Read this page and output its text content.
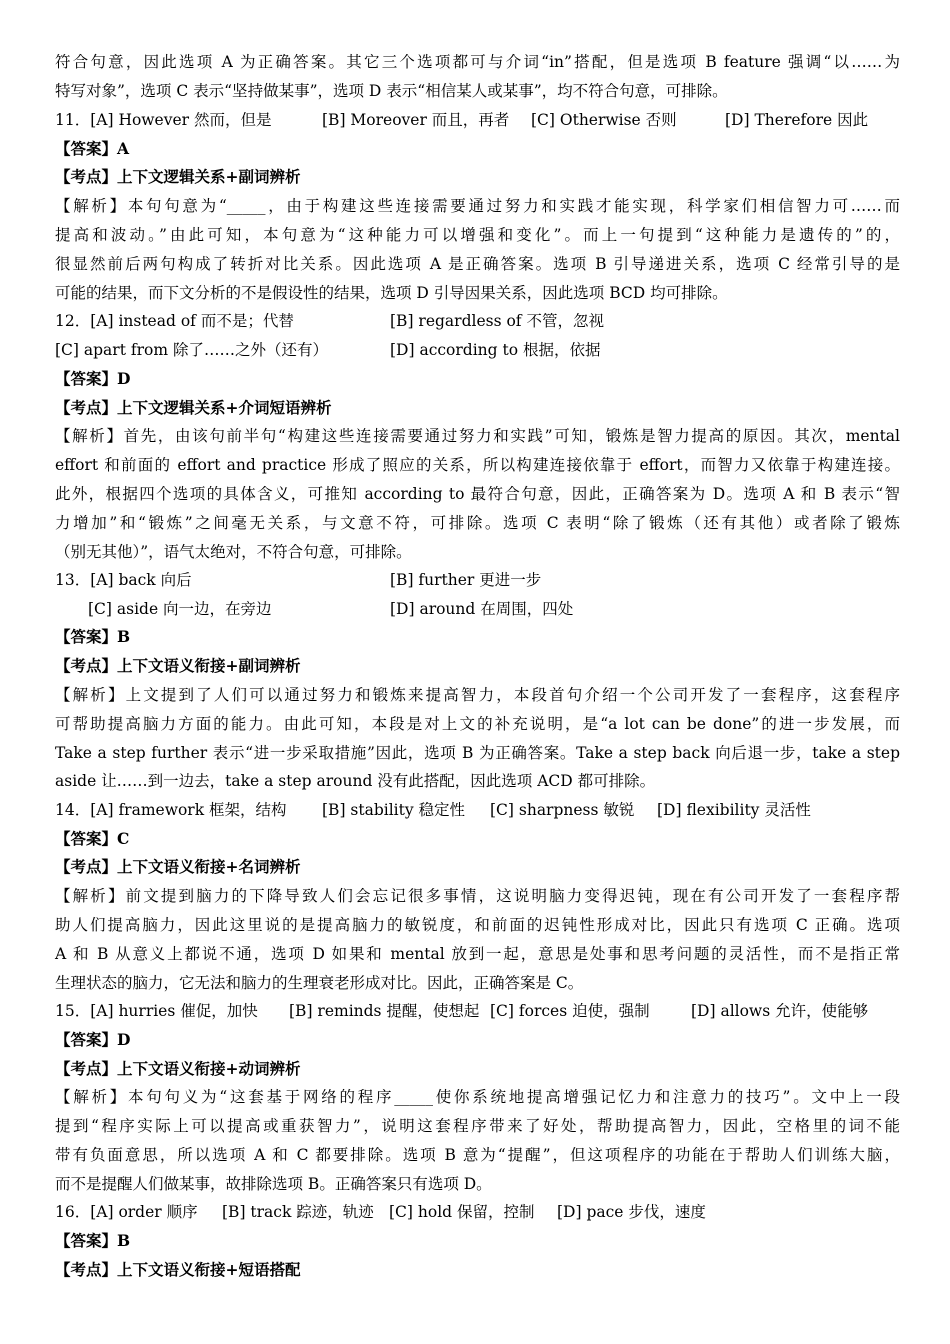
符合句意，因此选项 A 为正确答案。其它三个选项都可与介词“in”搭配，但是选项 B feature 强调“以……为
特写对象”，选项 C 表示“坚持做某事”，选项 D 表示“相信某人或某事”，均不符合句意，可排除。
11．[A] However 然而，但是	[B] Moreover 而且，再者 [C] Otherwise 否则	[D] Therefore 因此
【答案】A
【考点】上下文逻辑关系+副词辨析
【解析】本句句意为“_____，由于构建这些连接需要通过努力和实践才能实现，科学家们相信智力可……而
提高和波动。”由此可知，本句意为“这种能力可以增强和变化”。而上一句提到“这种能力是遗传的”的，
很显然前后两句构成了转折对比关系。因此选项 A 是正确答案。选项 B 引导递进关系，选项 C 经常引导的是
可能的结果，而下文分析的不是假设性的结果，选项 D 引导因果关系，因此选项 BCD 均可排除。
12．[A] instead of 而不是；代替	[B] regardless of 不管，忽视
[C] apart from 除了……之外（还有）	[D] according to 根据，依据
【答案】D
【考点】上下文逻辑关系+介词短语辨析
【解析】首先，由该句前半句“构建这些连接需要通过努力和实践”可知，锻炼是智力提高的原因。其次，mental
effort 和前面的 effort and practice 形成了照应的关系，所以构建连接依靠于 effort，而智力又依靠于构建连接。
此外，根据四个选项的具体含义，可推知 according to 最符合句意，因此，正确答案为 D。选项 A 和 B 表示“智
力增加”和“锻炼”之间毫无关系，与文意不符，可排除。选项 C 表明“除了锻炼（还有其他）或者除了锻炼
（别无其他）”，语气太绝对，不符合句意，可排除。
13．[A] back 向后	[B] further 更进一步
[C] aside 向一边，在旁边	[D] around 在周围，四处
【答案】B
【考点】上下文语义衔接+副词辨析
【解析】上文提到了人们可以通过努力和锻炼来提高智力，本段首句介绍一个公司开发了一套程序，这套程序
可帮助提高脑力方面的能力。由此可知，本段是对上文的补充说明，是“a lot can be done”的进一步发展，而
Take a step further 表示“进一步采取措施”因此，选项 B 为正确答案。Take a step back 向后退一步，take a step
aside 让……到一边去，take a step around 没有此搭配，因此选项 ACD 都可排除。
14．[A] framework 框架，结构 [B] stability 稳定性 [C] sharpness 敏锐 [D] flexibility 灵活性
【答案】C
【考点】上下文语义衔接+名词辨析
【解析】前文提到脑力的下降导致人们会忘记很多事情，这说明脑力变得迟钝，现在有公司开发了一套程序帮
助人们提高脑力，因此这里说的是提高脑力的敏锐度，和前面的迟钝性形成对比，因此只有选项 C 正确。选项
A 和 B 从意义上都说不通，选项 D 如果和 mental 放到一起，意思是处事和思考问题的灵活性，而不是指正常
生理状态的脑力，它无法和脑力的生理衰老形成对比。因此，正确答案是 C。
15．[A] hurries 催促，加快 [B] reminds 提醒，使想起 [C] forces 迫使，强制	[D] allows 允许，使能够
【答案】D
【考点】上下文语义衔接+动词辨析
【解析】本句句义为“这套基于网络的程序_____使你系统地提高增强记忆力和注意力的技巧”。文中上一段
提到“程序实际上可以提高或重获智力”，说明这套程序带来了好处，帮助提高智力，因此，空格里的词不能
带有负面意思，所以选项 A 和 C 都要排除。选项 B 意为“提醒”，但这项程序的功能在于帮助人们训练大脑，
而不是提醒人们做某事，故排除选项 B。正确答案只有选项 D。
16．[A] order 顺序 [B] track 踪迹，轨迹 [C] hold 保留，控制 [D] pace 步伐，速度
【答案】B
【考点】上下文语义衔接+短语搭配
